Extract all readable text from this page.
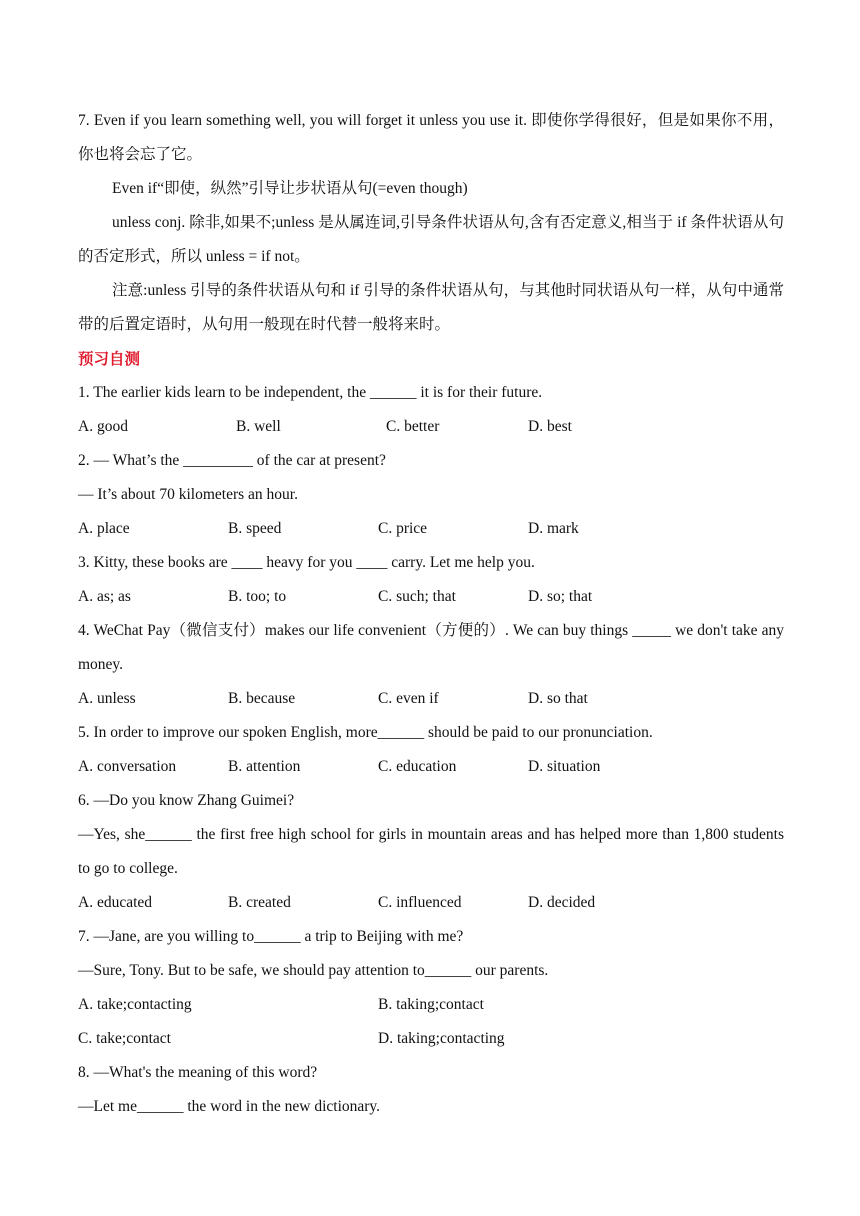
7. Even if you learn something well, you will forget it unless you use it. 即使你学得很好，但是如果你不用，你也将会忘了它。

Even if“即使，纵然”引导让步状语从句(=even though)

unless conj. 除非,如果不;unless 是从属连词,引导条件状语从句,含有否定意义,相当于 if 条件状语从句的否定形式，所以 unless = if not。

注意:unless 引导的条件状语从句和 if 引导的条件状语从句，与其他时同状语从句一样，从句中通常带的后置定语时，从句用一般现在时代替一般将来时。

预习自测

1. The earlier kids learn to be independent, the ______ it is for their future.

A. good	B. well	C. better	D. best

2. — What’s the _________ of the car at present?

— It’s about 70 kilometers an hour.

A. place	B. speed	C. price	D. mark

3. Kitty, these books are ____ heavy for you ____ carry. Let me help you.

A. as; as	B. too; to	C. such; that	D. so; that

4. WeChat Pay（微信支付）makes our life convenient（方便的）. We can buy things _____ we don't take any money.

A. unless	B. because	C. even if	D. so that

5. In order to improve our spoken English, more______ should be paid to our pronunciation.

A. conversation	B. attention	C. education	D. situation

6. —Do you know Zhang Guimei?

—Yes, she______ the first free high school for girls in mountain areas and has helped more than 1,800 students to go to college.

A. educated	B. created	C. influenced	D. decided

7. —Jane, are you willing to______ a trip to Beijing with me?

—Sure, Tony. But to be safe, we should pay attention to______ our parents.

A. take;contacting	B. taking;contact
C. take;contact	D. taking;contacting

8. —What's the meaning of this word?

—Let me______ the word in the new dictionary.
